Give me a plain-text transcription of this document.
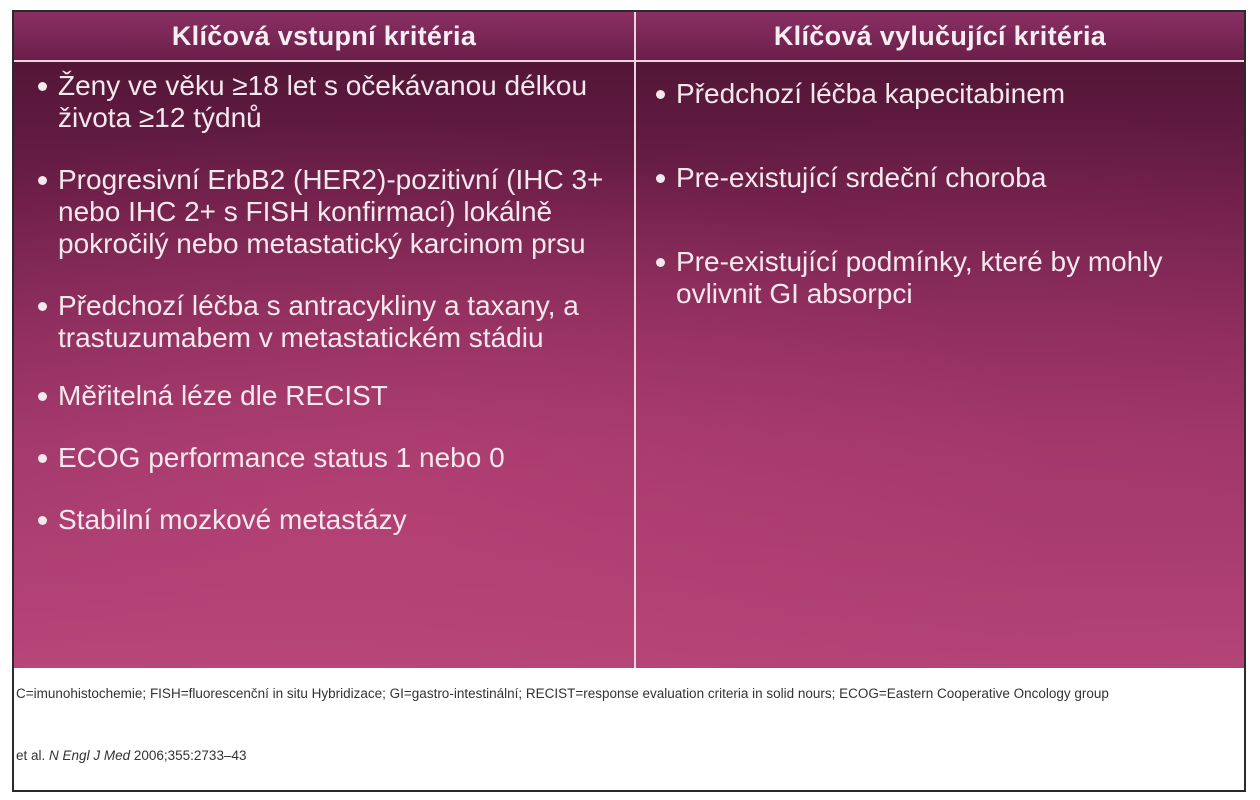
Klíčová vstupní kritéria	Klíčová vylučující kritéria
Ženy ve věku ≥18 let s očekávanou délkou života ≥12 týdnů
Progresivní ErbB2 (HER2)-pozitivní (IHC 3+ nebo IHC 2+ s FISH konfirmací) lokálně pokročilý nebo metastatický karcinom prsu
Předchozí léčba s antracykliny a taxany, a trastuzumabem v metastatickém stádiu
Měřitelná léze dle RECIST
ECOG performance status 1 nebo 0
Stabilní mozkové metastázy
Předchozí léčba kapecitabinem
Pre-existující srdeční choroba
Pre-existující podmínky, které by mohly ovlivnit GI absorpci

C=imunohistochemie; FISH=fluorescenční in situ Hybridizace; GI=gastro-intestinální; RECIST=response evaluation criteria in solid nours; ECOG=Eastern Cooperative Oncology group

et al. N Engl J Med 2006;355:2733–43
